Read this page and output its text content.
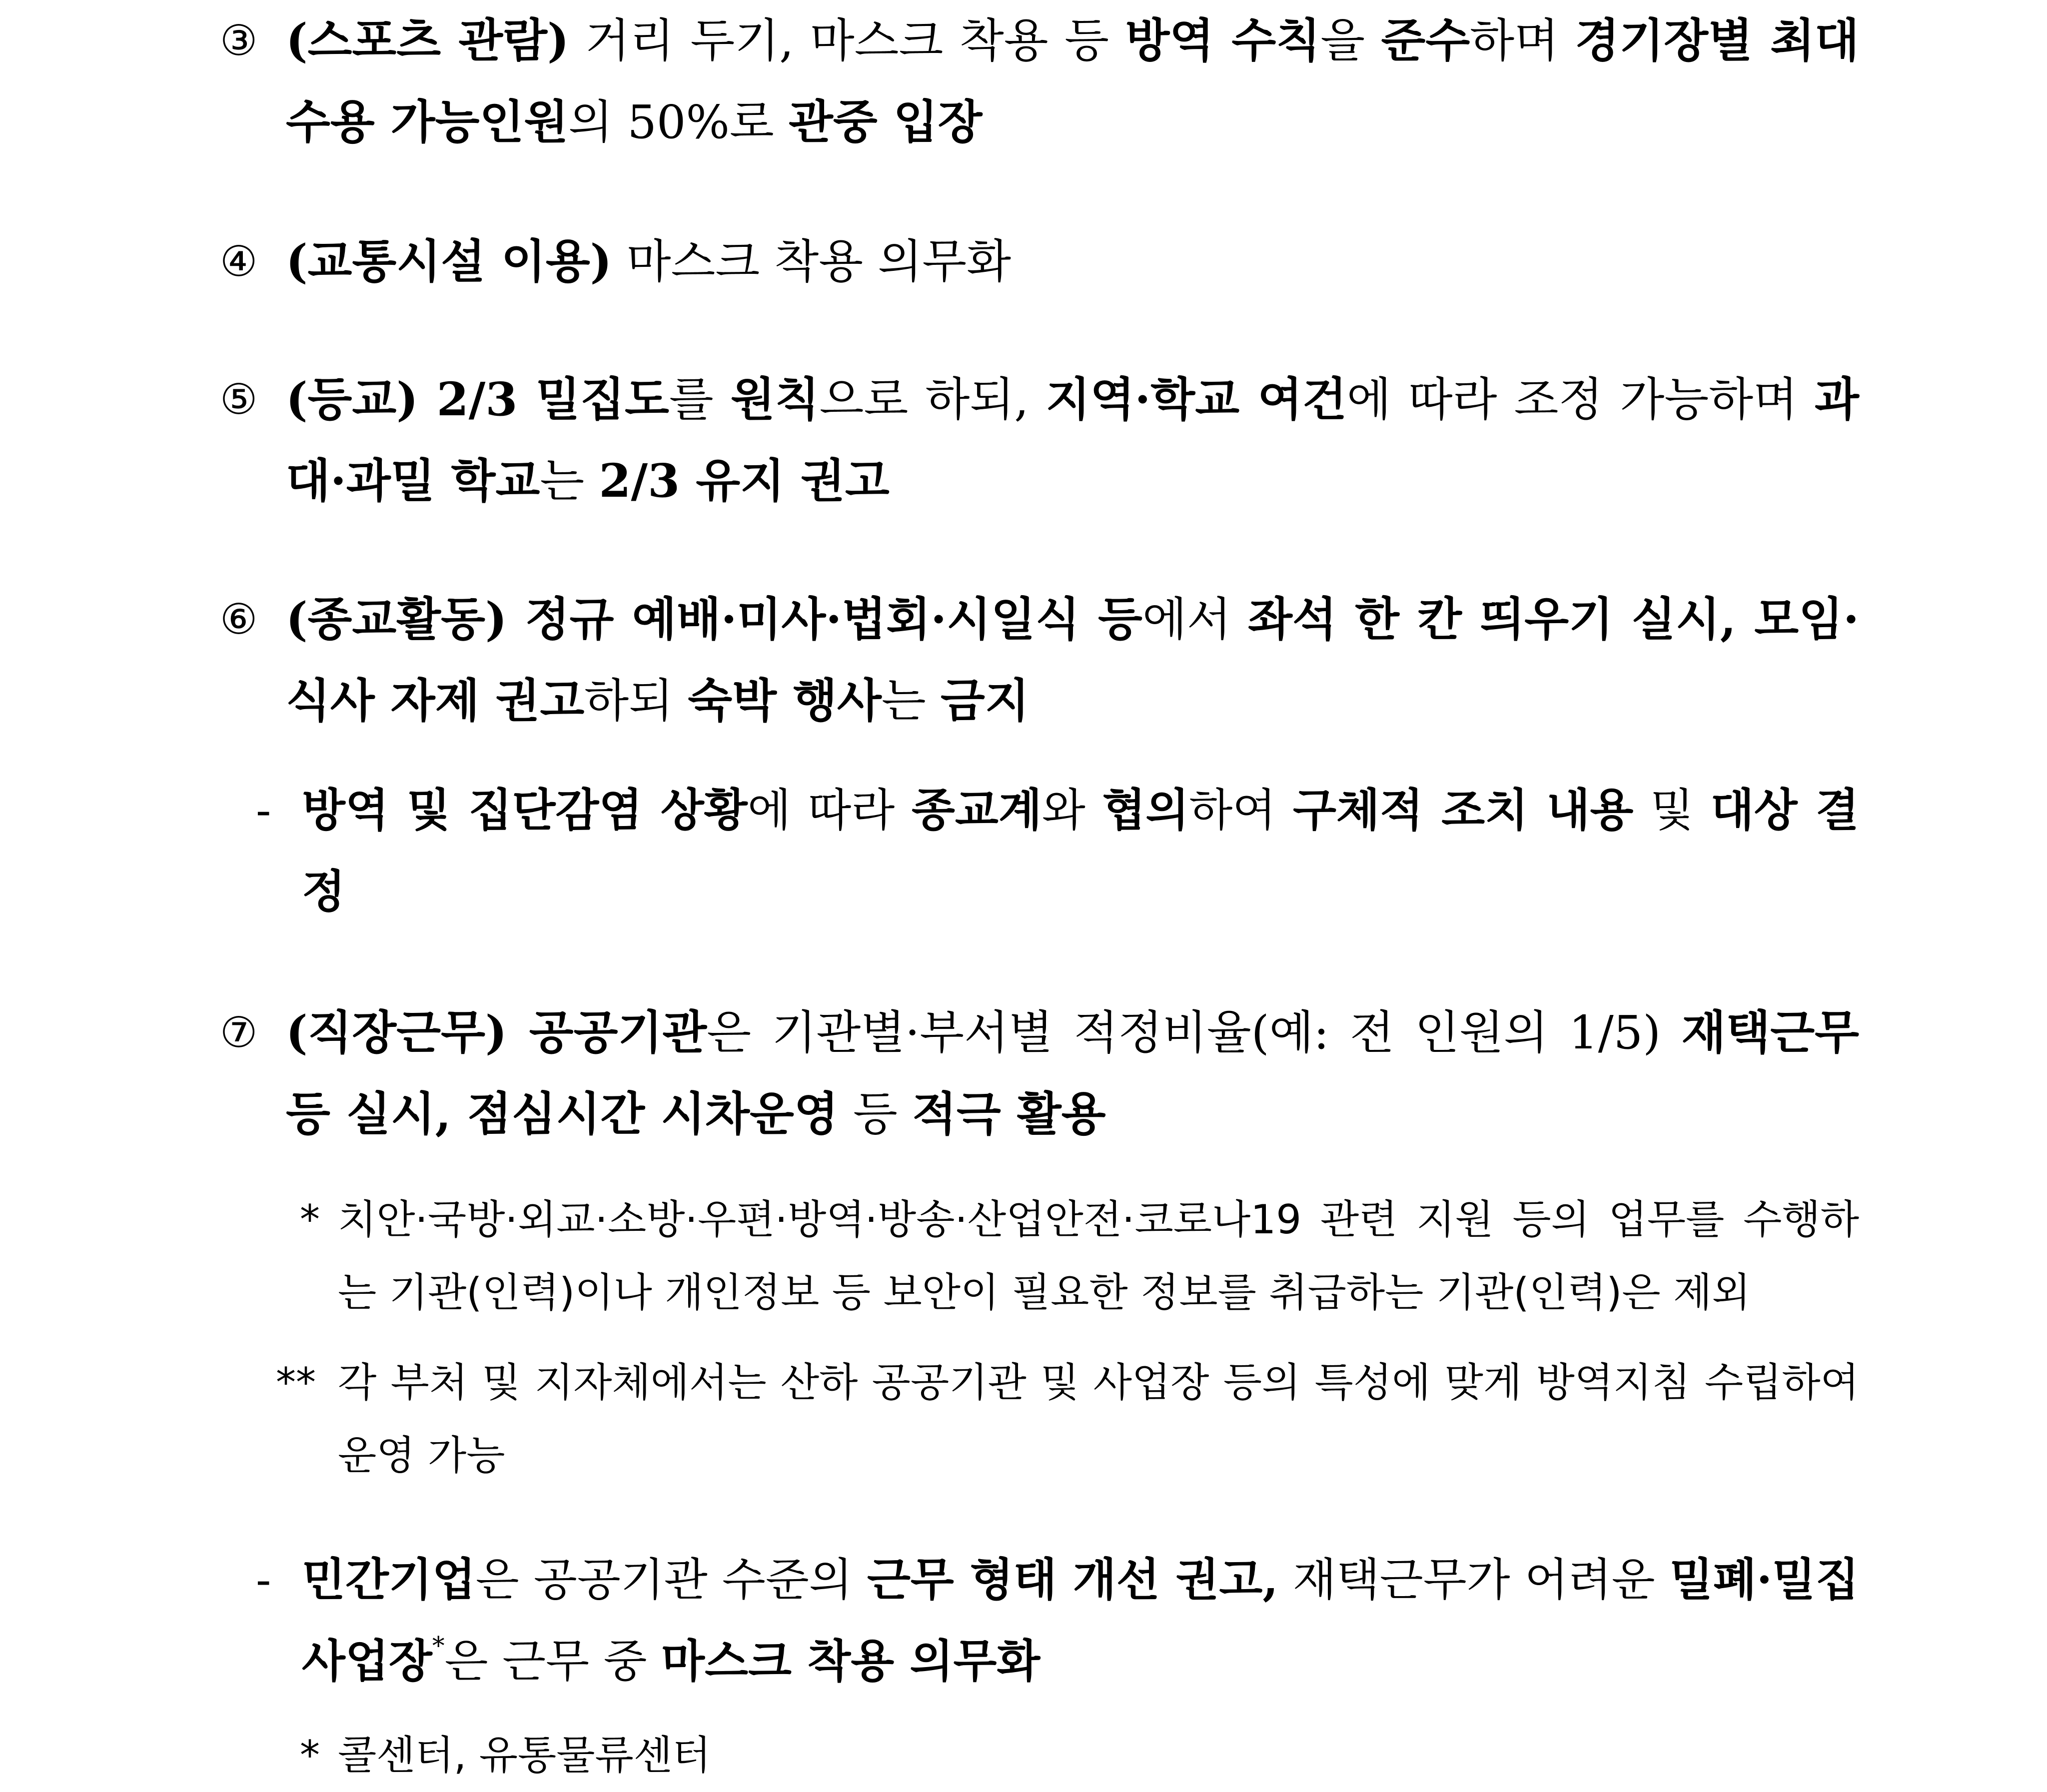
③ (스포츠 관람) 거리 두기, 마스크 착용 등 방역 수칙을 준수하며 경기장별 최대 수용 가능인원의 50%로 관중 입장
④ (교통시설 이용) 마스크 착용 의무화
⑤ (등교) 2/3 밀집도를 원칙으로 하되, 지역·학교 여건에 따라 조정 가능하며 과대·과밀 학교는 2/3 유지 권고
⑥ (종교활동) 정규 예배·미사·법회·시일식 등에서 좌석 한 칸 띄우기 실시, 모임·식사 자제 권고하되 숙박 행사는 금지
- 방역 및 집단감염 상황에 따라 종교계와 협의하여 구체적 조치 내용 및 대상 결정
⑦ (직장근무) 공공기관은 기관별·부서별 적정비율(예: 전 인원의 1/5) 재택근무 등 실시, 점심시간 시차운영 등 적극 활용
* 치안·국방·외교·소방·우편·방역·방송·산업안전·코로나19 관련 지원 등의 업무를 수행하는 기관(인력)이나 개인정보 등 보안이 필요한 정보를 취급하는 기관(인력)은 제외
** 각 부처 및 지자체에서는 산하 공공기관 및 사업장 등의 특성에 맞게 방역지침 수립하여 운영 가능
- 민간기업은 공공기관 수준의 근무 형태 개선 권고, 재택근무가 어려운 밀폐·밀집 사업장*은 근무 중 마스크 착용 의무화
* 콜센터, 유통물류센터
